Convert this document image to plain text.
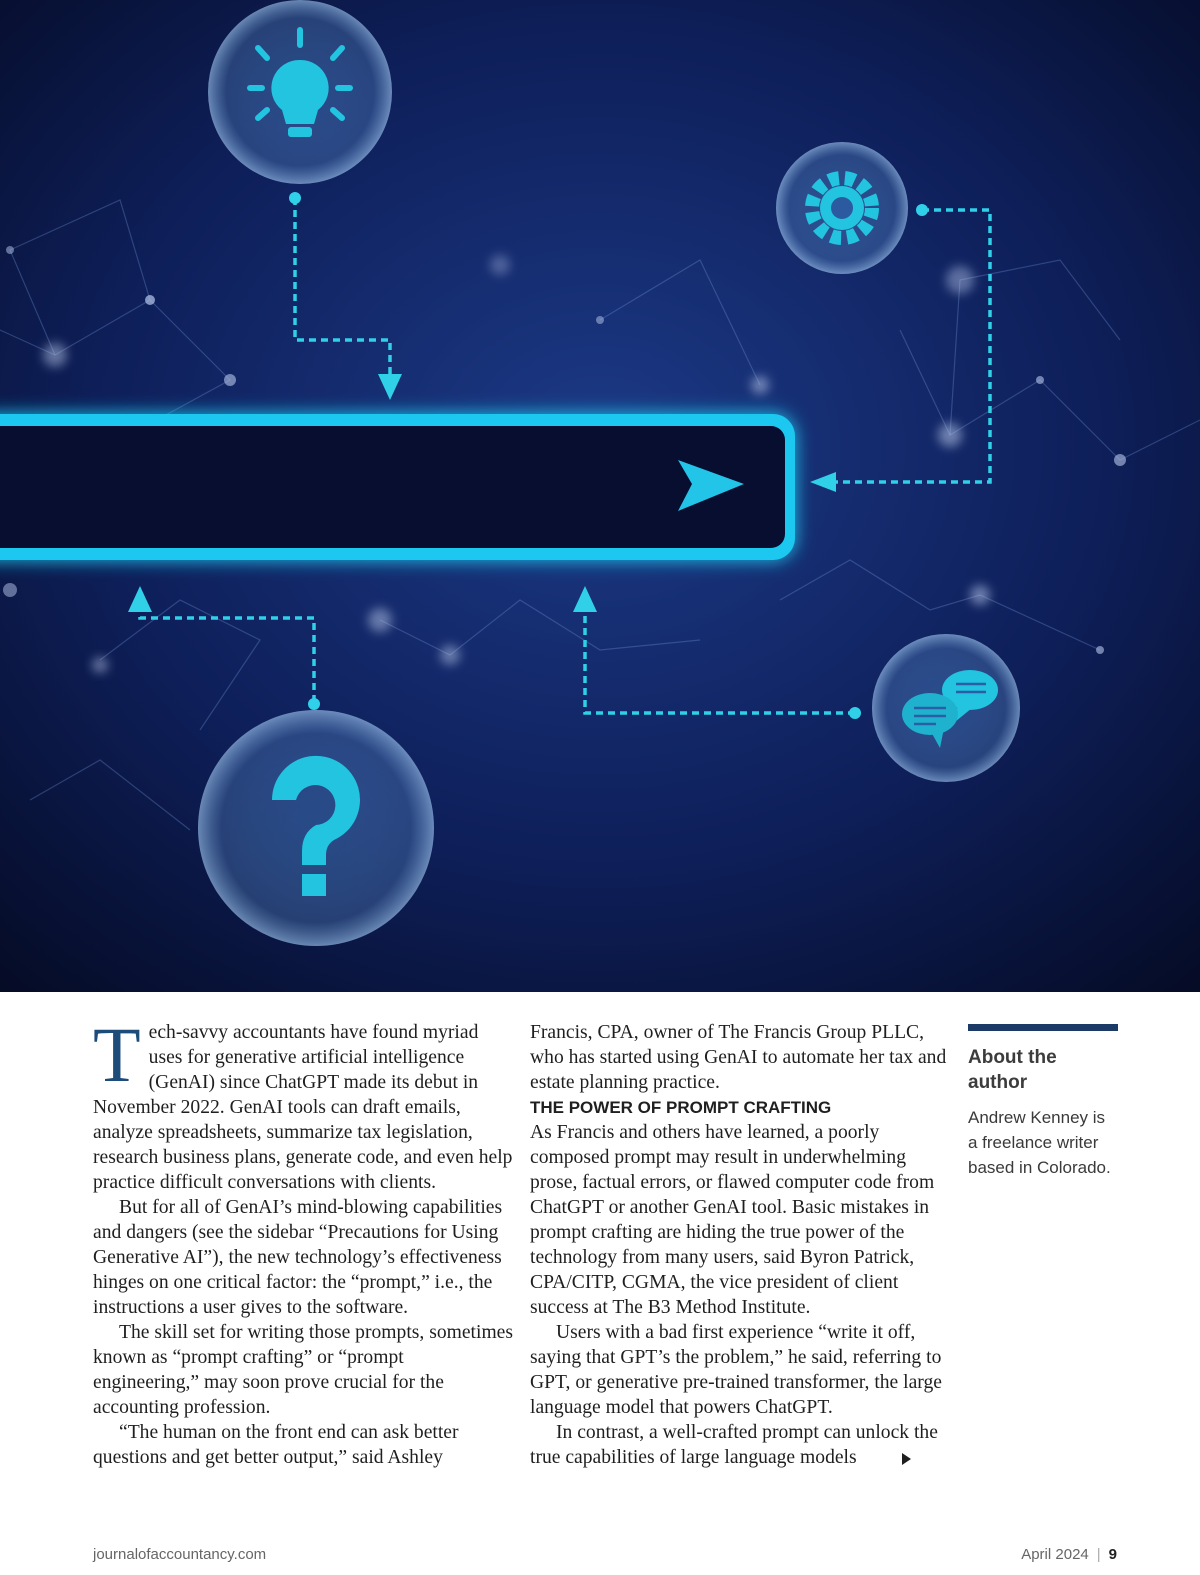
T ech-savvy accountants have found myriad uses for generative artificial intelligence (GenAI) since ChatGPT made its debut in November 2022. GenAI tools can draft emails, analyze spreadsheets, summarize tax legislation, research business plans, generate code, and even help practice difficult conversations with clients.

But for all of GenAI’s mind-blowing capabilities and dangers (see the sidebar “Precautions for Using Generative AI”), the new technology’s effectiveness hinges on one critical factor: the “prompt,” i.e., the instructions a user gives to the software.

The skill set for writing those prompts, sometimes known as “prompt crafting” or “prompt engineering,” may soon prove crucial for the accounting profession.

“The human on the front end can ask better questions and get better output,” said Ashley

Francis, CPA, owner of The Francis Group PLLC, who has started using GenAI to automate her tax and estate planning practice.

THE POWER OF PROMPT CRAFTING

As Francis and others have learned, a poorly composed prompt may result in underwhelming prose, factual errors, or flawed computer code from ChatGPT or another GenAI tool. Basic mistakes in prompt crafting are hiding the true power of the technology from many users, said Byron Patrick, CPA/CITP, CGMA, the vice president of client success at The B3 Method Institute.

Users with a bad first experience “write it off, saying that GPT’s the problem,” he said, referring to GPT, or generative pre-trained transformer, the large language model that powers ChatGPT.

In contrast, a well-crafted prompt can unlock the true capabilities of large language models

About the author
Andrew Kenney is a freelance writer based in Colorado.
journalofaccountancy.com	April 2024 | 9
